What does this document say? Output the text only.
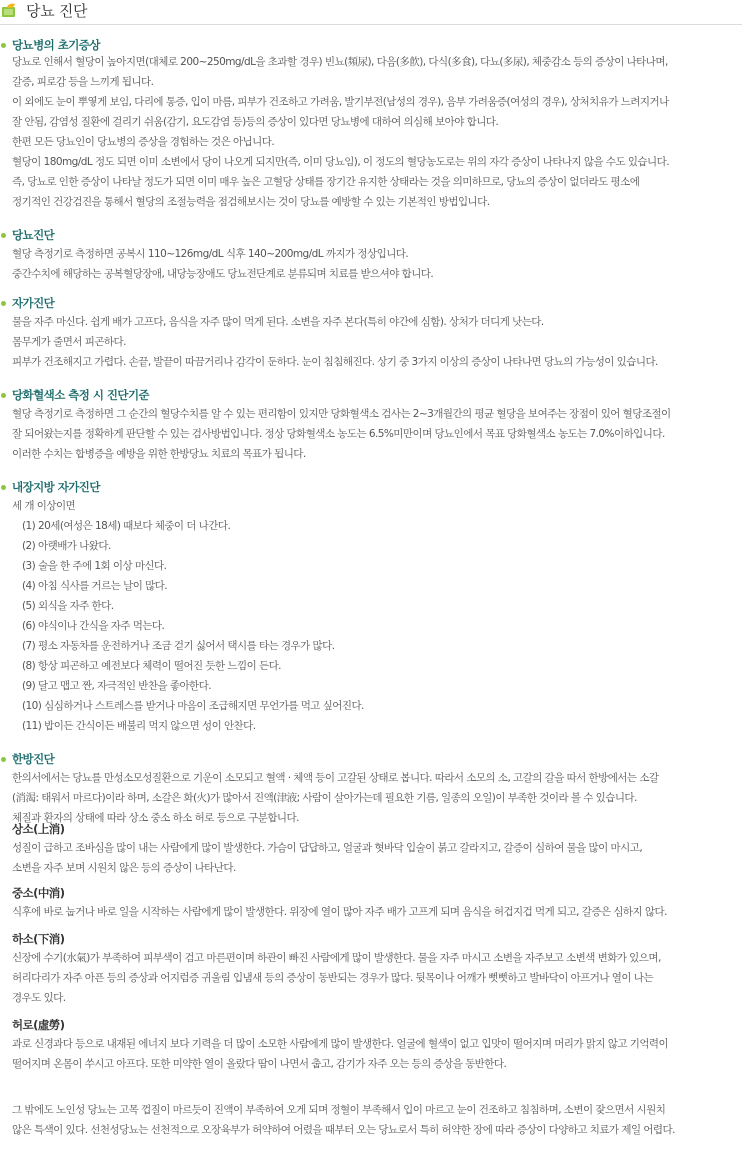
당뇨 진단
당뇨병의 초기증상

당뇨로 인해서 혈당이 높아지면(대체로 200~250mg/dL을 초과할 경우) 빈뇨(頻尿), 다음(多飮), 다식(多食), 다뇨(多尿), 체중감소 등의 증상이 나타나며,

갈증, 피로감 등을 느끼게 됩니다.

이 외에도 눈이 뿌옇게 보임, 다리에 통증, 입이 마름, 피부가 건조하고 가려움, 발기부전(남성의 경우), 음부 가려움증(여성의 경우), 상처치유가 느려지거나

잘 안됨, 감염성 질환에 걸리기 쉬움(감기, 요도감염 등)등의 증상이 있다면 당뇨병에 대하여 의심해 보아야 합니다.

한편 모든 당뇨인이 당뇨병의 증상을 경험하는 것은 아닙니다.

혈당이 180mg/dL 정도 되면 이미 소변에서 당이 나오게 되지만(즉, 이미 당뇨임), 이 정도의 혈당농도로는 위의 자각 증상이 나타나지 않을 수도 있습니다.

즉, 당뇨로 인한 증상이 나타날 정도가 되면 이미 매우 높은 고혈당 상태를 장기간 유지한 상태라는 것을 의미하므로, 당뇨의 증상이 없더라도 평소에

정기적인 건강검진을 통해서 혈당의 조절능력을 점검해보시는 것이 당뇨를 예방할 수 있는 기본적인 방법입니다.

당뇨진단

혈당 측정기로 측정하면 공복시 110~126mg/dL 식후 140~200mg/dL 까지가 정상입니다.

중간수치에 해당하는 공복혈당장애, 내당능장애도 당뇨전단계로 분류되며 치료를 받으셔야 합니다.

자가진단

물을 자주 마신다. 쉽게 배가 고프다, 음식을 자주 많이 먹게 된다. 소변을 자주 본다(특히 야간에 심함). 상처가 더디게 낫는다.

몸무게가 줄면서 피곤하다.

피부가 건조해지고 가렵다. 손끝, 발끝이 따끔거리나 감각이 둔하다. 눈이 침침해진다. 상기 중 3가지 이상의 증상이 나타나면 당뇨의 가능성이 있습니다.

당화혈색소 측정 시 진단기준

혈당 측정기로 측정하면 그 순간의 혈당수치를 알 수 있는 편리함이 있지만 당화혈색소 검사는 2~3개월간의 평균 혈당을 보여주는 장점이 있어 혈당조절이

잘 되어왔는지를 정확하게 판단할 수 있는 검사방법입니다. 정상 당화혈색소 농도는 6.5%미만이며 당뇨인에서 목표 당화혈색소 농도는 7.0%이하입니다.

이러한 수치는 합병증을 예방을 위한 한방당뇨 치료의 목표가 됩니다.

내장지방 자가진단

세 개 이상이면

(1) 20세(여성은 18세) 때보다 체중이 더 나간다.

(2) 아랫배가 나왔다.

(3) 술을 한 주에 1회 이상 마신다.

(4) 아침 식사를 거르는 날이 많다.

(5) 외식을 자주 한다.

(6) 야식이나 간식을 자주 먹는다.

(7) 평소 자동차를 운전하거나 조금 걷기 싫어서 택시를 타는 경우가 많다.

(8) 항상 피곤하고 예전보다 체력이 떨어진 듯한 느낌이 든다.

(9) 달고 맵고 짠, 자극적인 반찬을 좋아한다.

(10) 심심하거나 스트레스를 받거나 마음이 조급해지면 무언가를 먹고 싶어진다.

(11) 밥이든 간식이든 배불리 먹지 않으면 성이 안찬다.

한방진단

한의서에서는 당뇨를 만성소모성질환으로 기운이 소모되고 혈액 · 체액 등이 고갈된 상태로 봅니다. 따라서 소모의 소, 고갈의 갈을 따서 한방에서는 소갈

(消渴: 태워서 마르다)이라 하며, 소갈은 화(火)가 많아서 진액(津液; 사람이 살아가는데 필요한 기름, 일종의 오일)이 부족한 것이라 볼 수 있습니다.

체질과 환자의 상태에 따라 상소 중소 하소 허로 등으로 구분합니다.

상소(上消)

성질이 급하고 조바심을 많이 내는 사람에게 많이 발생한다. 가슴이 답답하고, 얼굴과 혓바닥 입술이 붉고 갈라지고, 갈증이 심하여 물을 많이 마시고,

소변을 자주 보며 시원치 않은 등의 증상이 나타난다.

중소(中消)

식후에 바로 눕거나 바로 일을 시작하는 사람에게 많이 발생한다. 위장에 열이 많아 자주 배가 고프게 되며 음식을 허겁지겁 먹게 되고, 갈증은 심하지 않다.

하소(下消)

신장에 수기(水氣)가 부족하여 피부색이 검고 마른편이며 하관이 빠진 사람에게 많이 발생한다. 물을 자주 마시고 소변을 자주보고 소변색 변화가 있으며,

허리다리가 자주 아픈 등의 증상과 어지럼증 귀울림 입냄새 등의 증상이 동반되는 경우가 많다. 뒷목이나 어깨가 뻣뻣하고 발바닥이 아프거나 열이 나는

경우도 있다.

허로(虛勞)

과로 신경과다 등으로 내재된 에너지 보다 기력을 더 많이 소모한 사람에게 많이 발생한다. 얼굴에 혈색이 없고 입맛이 떨어지며 머리가 맑지 않고 기억력이

떨어지며 온몸이 쑤시고 아프다. 또한 미약한 열이 올랐다 땀이 나면서 춥고, 감기가 자주 오는 등의 증상을 동반한다.

그 밖에도 노인성 당뇨는 고목 껍질이 마르듯이 진액이 부족하여 오게 되며 정혈이 부족해서 입이 마르고 눈이 건조하고 침침하며, 소변이 잦으면서 시원치

않은 특색이 있다. 선천성당뇨는 선천적으로 오장육부가 허약하여 어렸을 때부터 오는 당뇨로서 특히 허약한 장에 따라 증상이 다양하고 치료가 제일 어렵다.
